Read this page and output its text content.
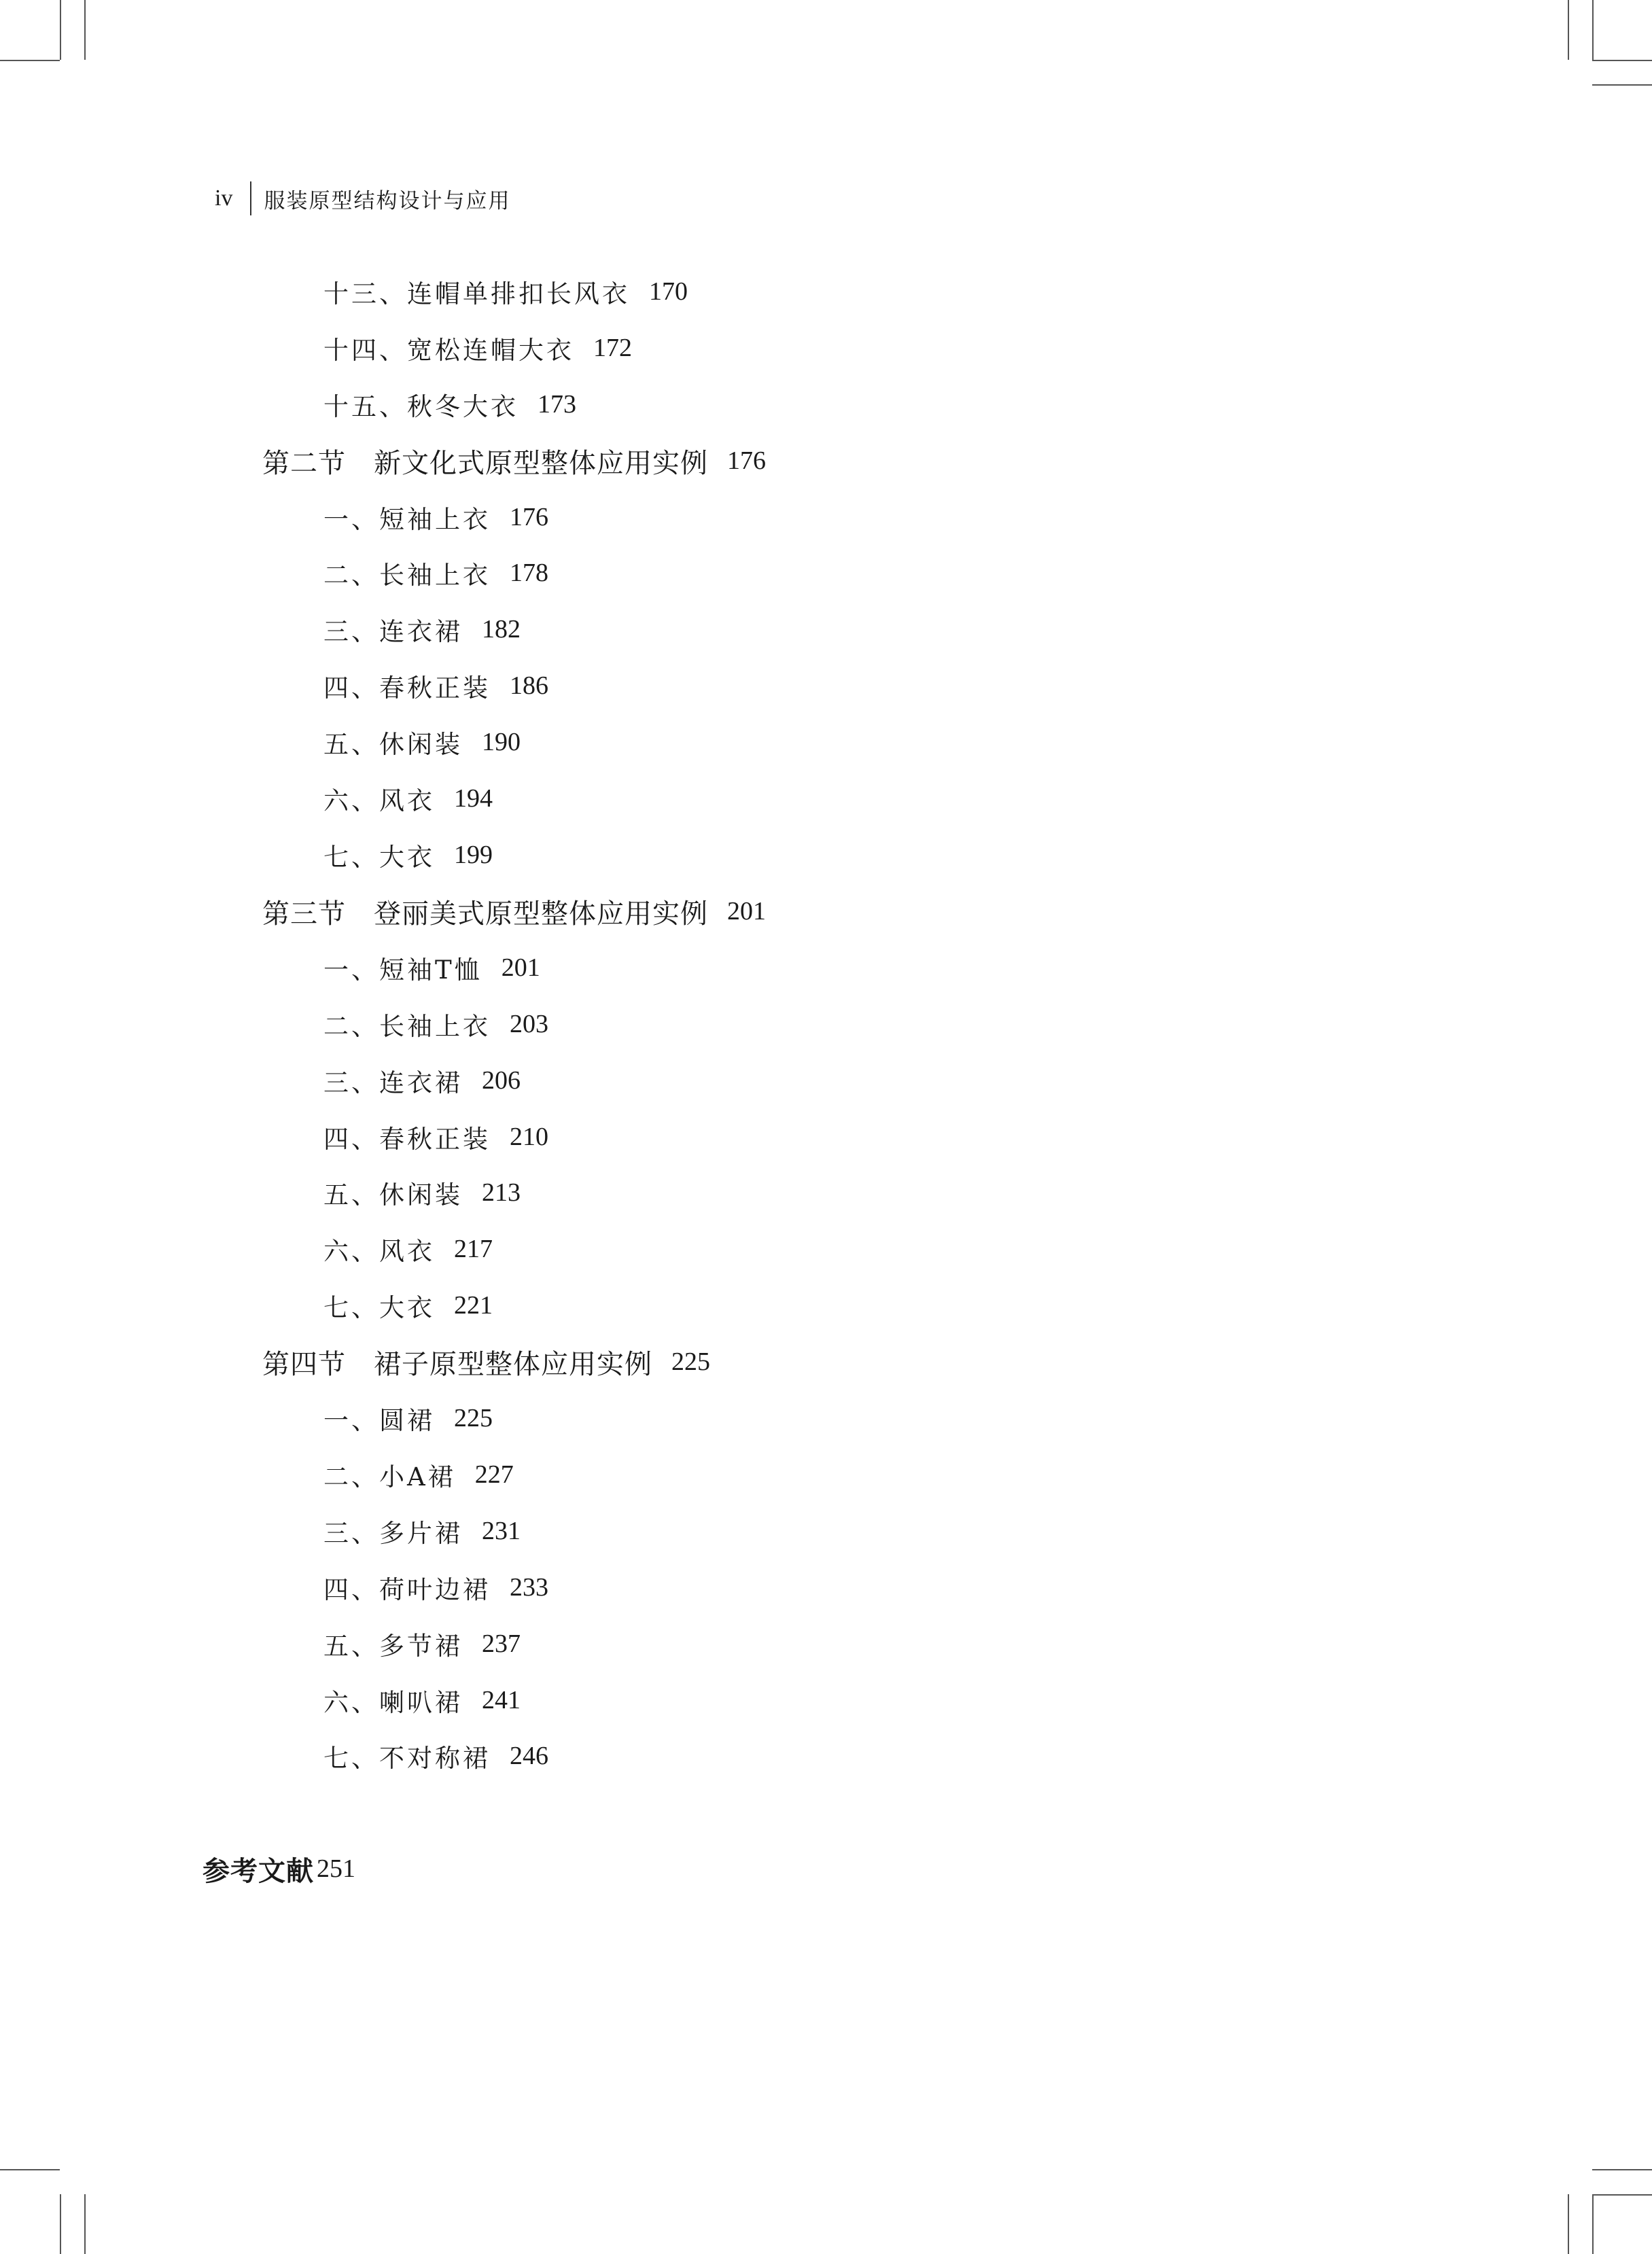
iv 服装原型结构设计与应用
十三、连帽单排扣长风衣 170
十四、宽松连帽大衣 172
十五、秋冬大衣 173
第二节　新文化式原型整体应用实例 176
一、短袖上衣 176
二、长袖上衣 178
三、连衣裙 182
四、春秋正装 186
五、休闲装 190
六、风衣 194
七、大衣 199
第三节　登丽美式原型整体应用实例 201
一、短袖T恤 201
二、长袖上衣 203
三、连衣裙 206
四、春秋正装 210
五、休闲装 213
六、风衣 217
七、大衣 221
第四节　裙子原型整体应用实例 225
一、圆裙 225
二、小A裙 227
三、多片裙 231
四、荷叶边裙 233
五、多节裙 237
六、喇叭裙 241
七、不对称裙 246
参考文献 251
